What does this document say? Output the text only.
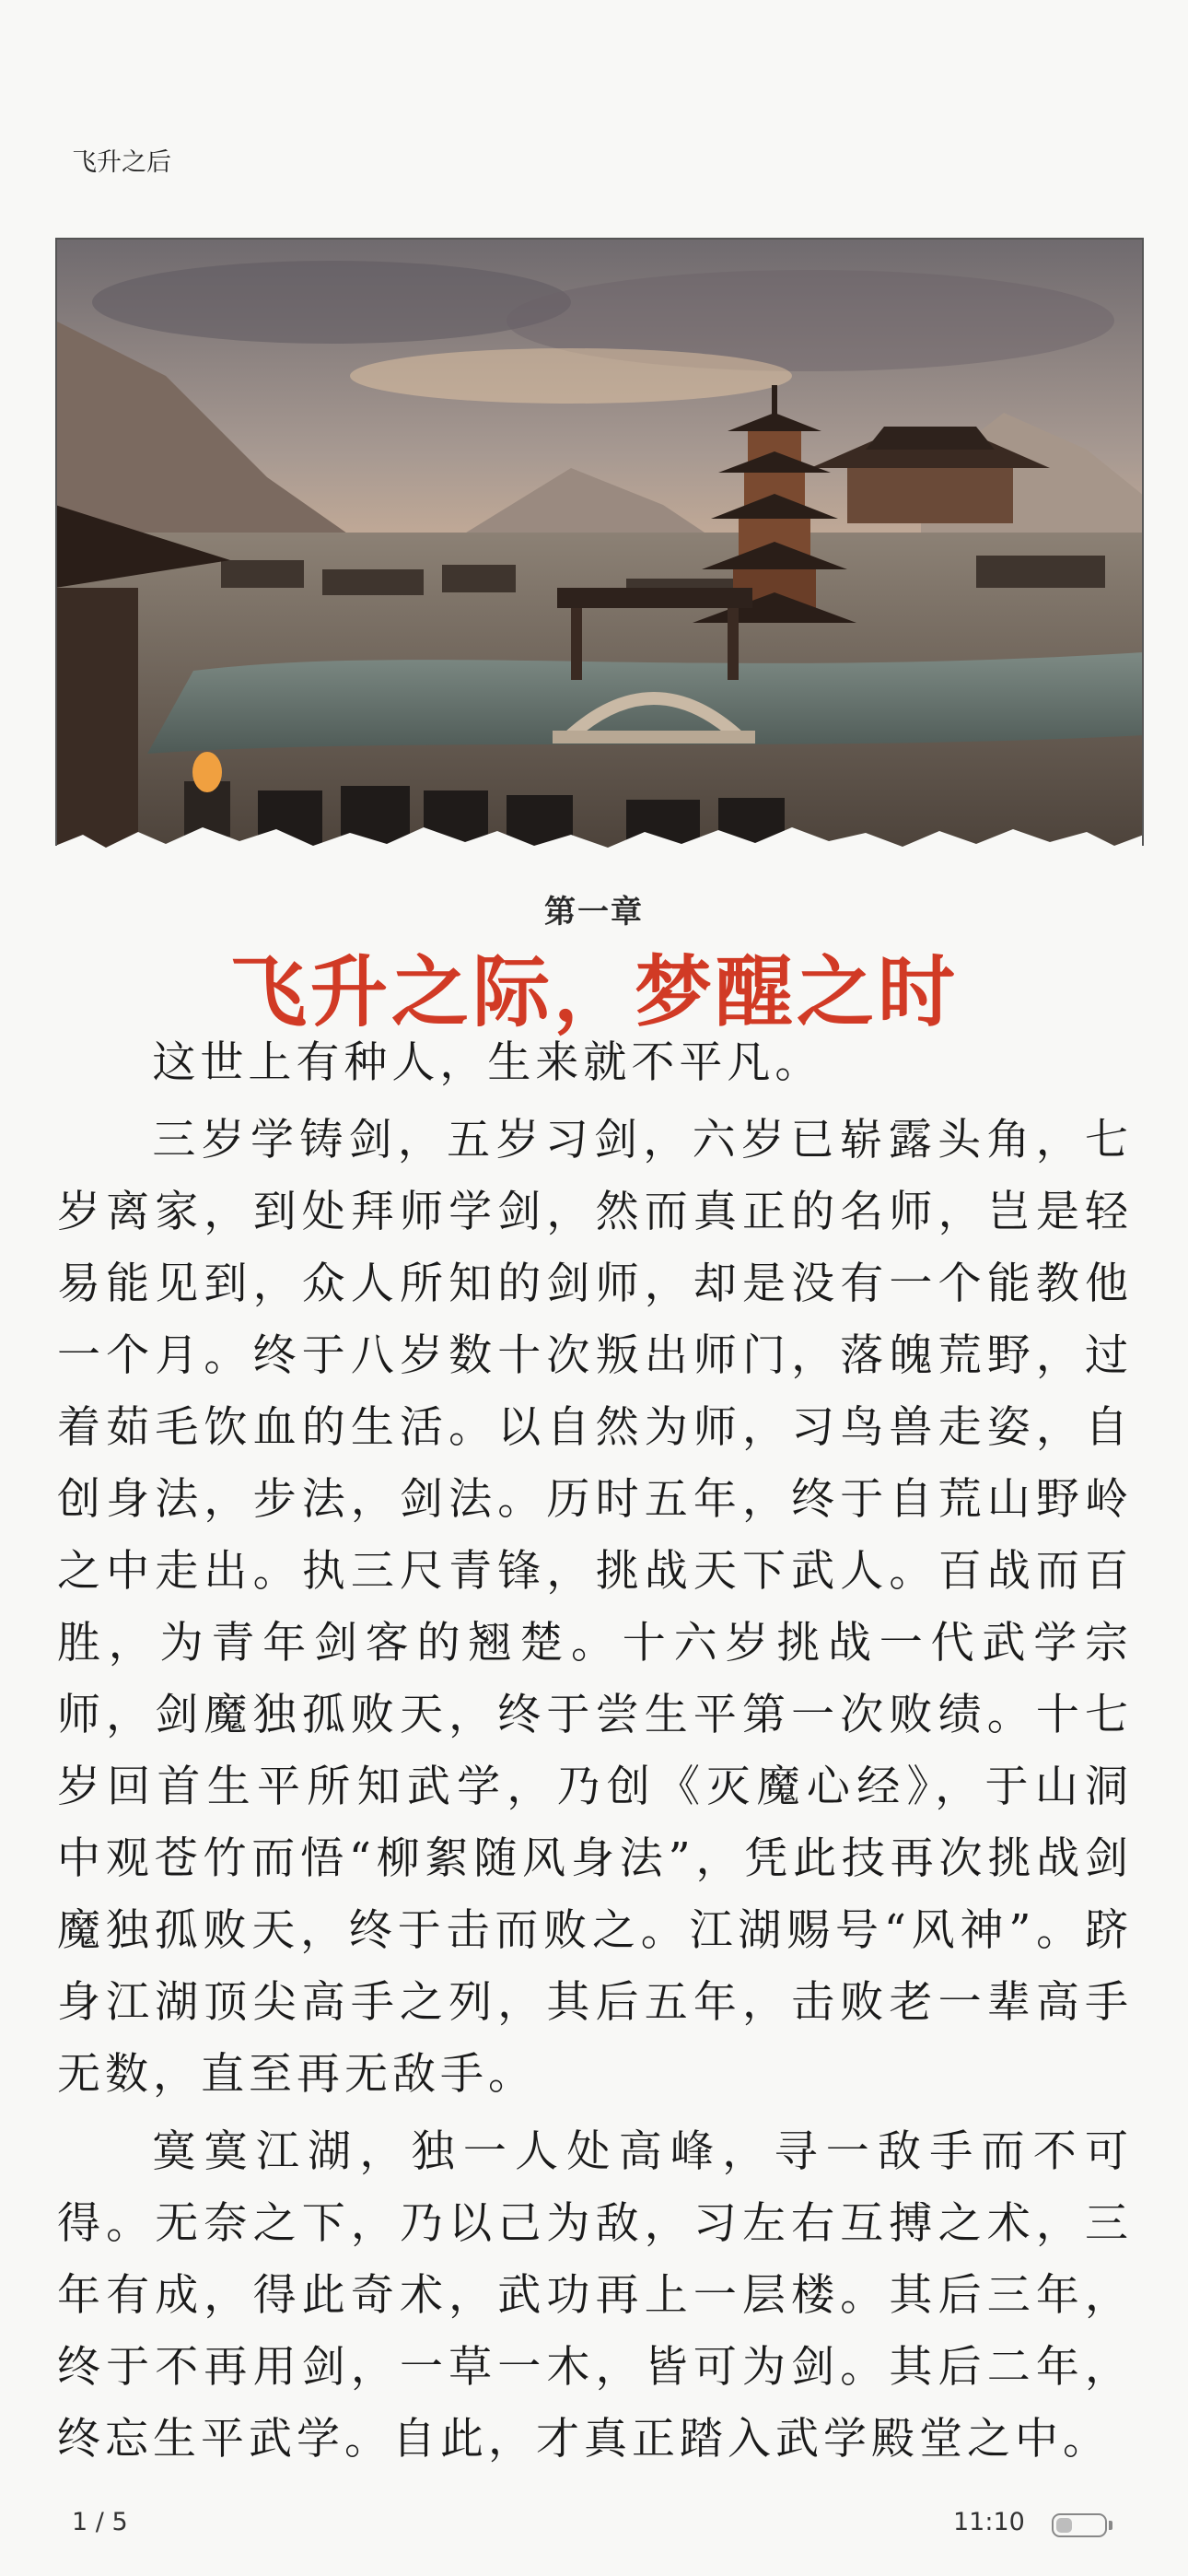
飞升之后
第一章
飞升之际，梦醒之时

这世上有种人，生来就不平凡。

三岁学铸剑，五岁习剑，六岁已崭露头角，七岁离家，到处拜师学剑，然而真正的名师，岂是轻易能见到，众人所知的剑师，却是没有一个能教他一个月。终于八岁数十次叛出师门，落魄荒野，过着茹毛饮血的生活。以自然为师，习鸟兽走姿，自创身法，步法，剑法。历时五年，终于自荒山野岭之中走出。执三尺青锋，挑战天下武人。百战而百胜，为青年剑客的翘楚。十六岁挑战一代武学宗师，剑魔独孤败天，终于尝生平第一次败绩。十七岁回首生平所知武学，乃创《灭魔心经》，于山洞中观苍竹而悟“柳絮随风身法”，凭此技再次挑战剑魔独孤败天，终于击而败之。江湖赐号“风神”。跻身江湖顶尖高手之列，其后五年，击败老一辈高手无数，直至再无敌手。

寞寞江湖，独一人处高峰，寻一敌手而不可得。无奈之下，乃以己为敌，习左右互搏之术，三年有成，得此奇术，武功再上一层楼。其后三年，终于不再用剑，一草一木，皆可为剑。其后二年，终忘生平武学。自此，才真正踏入武学殿堂之中。

1 / 5	11:10
